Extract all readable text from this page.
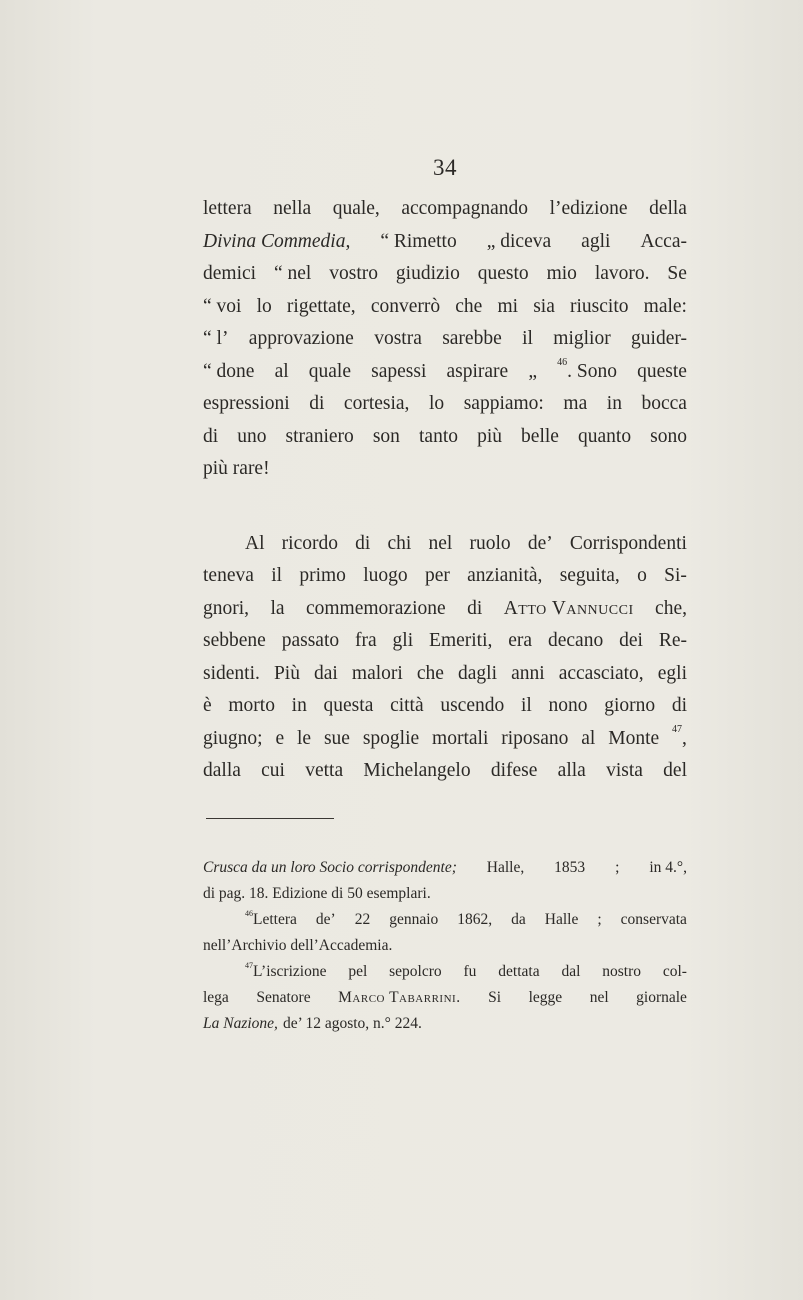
34
lettera nella quale, accompagnando l’edizione della
Divina Commedia, “ Rimetto „ diceva agli Acca-
demici “ nel vostro giudizio questo mio lavoro. Se
“ voi lo rigettate, converrò che mi sia riuscito male:
“ l’ approvazione vostra sarebbe il miglior guider-
“ done al quale sapessi aspirare „ $^{46}$. Sono queste
espressioni di cortesia, lo sappiamo: ma in bocca
di uno straniero son tanto più belle quanto sono
più rare!
Al ricordo di chi nel ruolo de’ Corrispondenti
teneva il primo luogo per anzianità, seguita, o Si-
gnori, la commemorazione di Atto Vannucci che,
sebbene passato fra gli Emeriti, era decano dei Re-
sidenti. Più dai malori che dagli anni accasciato, egli
è morto in questa città uscendo il nono giorno di
giugno; e le sue spoglie mortali riposano al Monte $^{47}$,
dalla cui vetta Michelangelo difese alla vista del
Crusca da un loro Socio corrispondente; Halle, 1853 ; in 4.°,
di pag. 18. Edizione di 50 esemplari.
$^{46}$Lettera de’ 22 gennaio 1862, da Halle ; conservata
nell’Archivio dell’Accademia.
$^{47}$L’iscrizione pel sepolcro fu dettata dal nostro col-
lega Senatore Marco Tabarrini. Si legge nel giornale
La Nazione, de’ 12 agosto, n.° 224.
